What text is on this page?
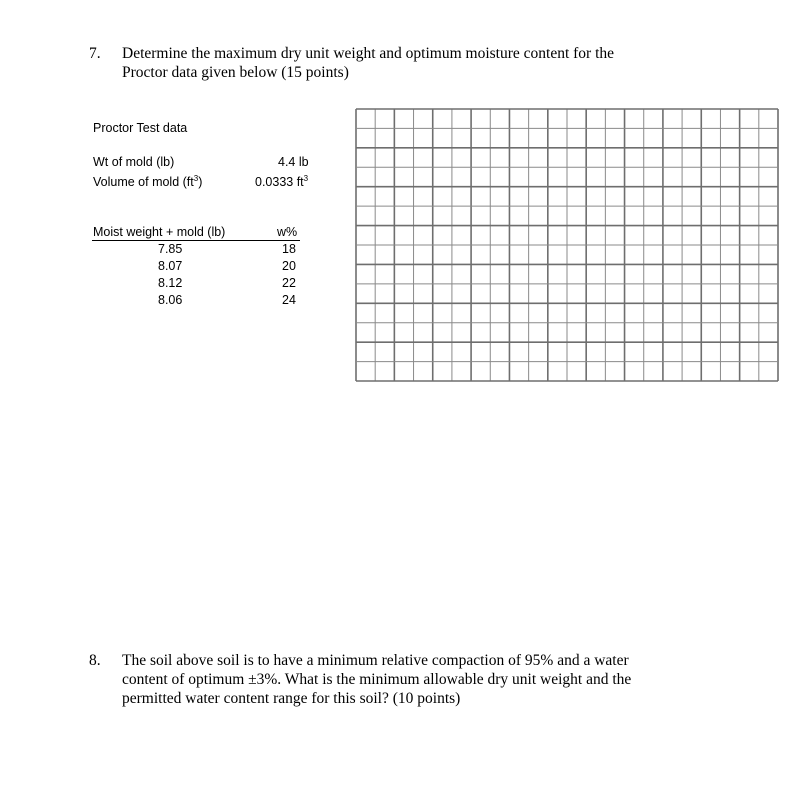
7. Determine the maximum dry unit weight and optimum moisture content for the
Proctor data given below (15 points)
Proctor Test data
Wt of mold (lb)	4.4 lb
Volume of mold $(ft^3)$	0.0333 $ft^3$
Moist weight + mold (lb)	w%
7.85	18
8.07	20
8.12	22
8.06	24
8. The soil above soil is to have a minimum relative compaction of 95% and a water
content of optimum ±3%. What is the minimum allowable dry unit weight and the
permitted water content range for this soil? (10 points)
